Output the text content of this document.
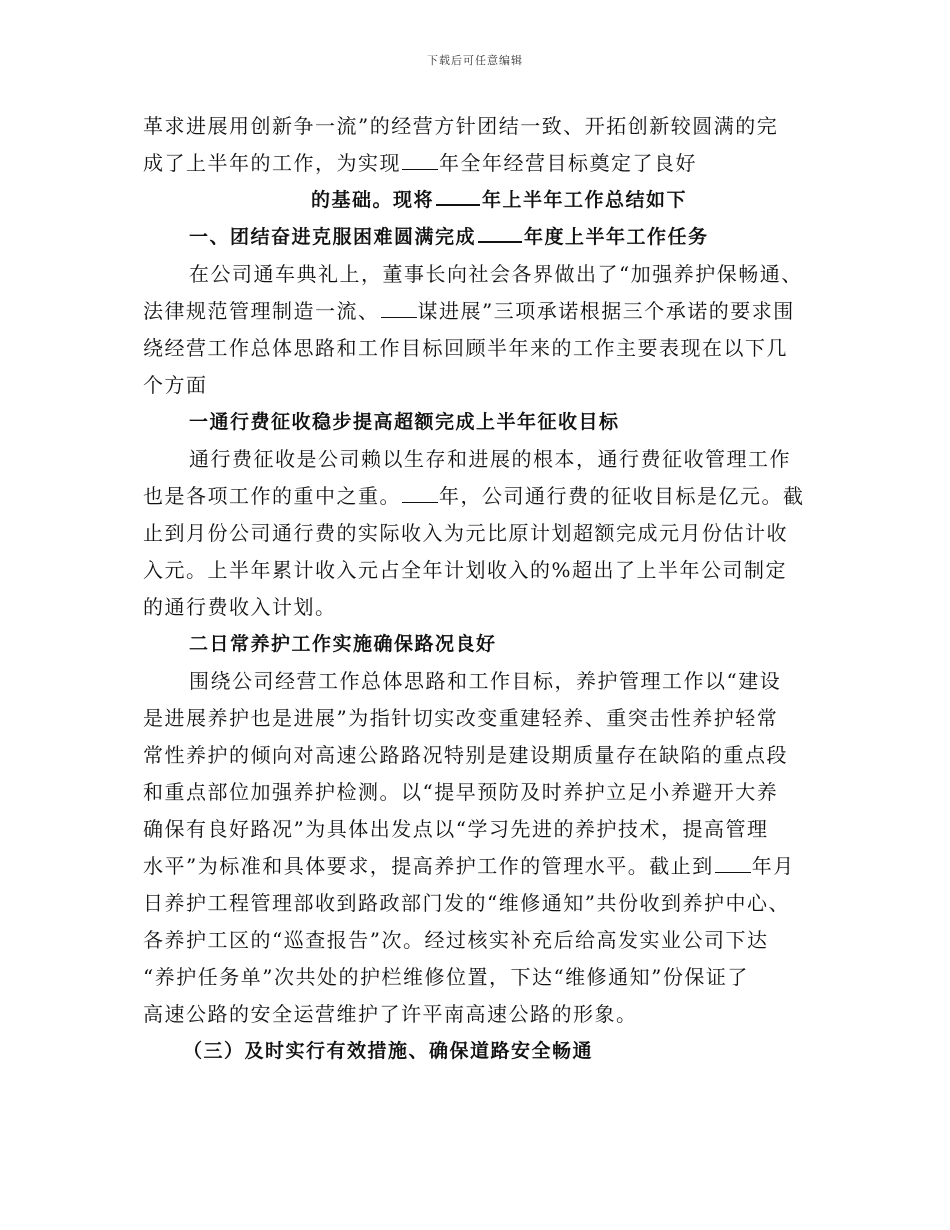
下载后可任意编辑
革求进展用创新争一流”的经营方针团结一致、开拓创新较圆满的完
成了上半年的工作，为实现 年全年经营目标奠定了良好
的基础。现将	年上半年工作总结如下
一、团结奋进克服困难圆满完成	年度上半年工作任务
在公司通车典礼上，董事长向社会各界做出了“加强养护保畅通、
法律规范管理制造一流、 谋进展”三项承诺根据三个承诺的要求围
绕经营工作总体思路和工作目标回顾半年来的工作主要表现在以下几
个方面
一通行费征收稳步提高超额完成上半年征收目标
通行费征收是公司赖以生存和进展的根本，通行费征收管理工作
也是各项工作的重中之重。 年，公司通行费的征收目标是亿元。截
止到月份公司通行费的实际收入为元比原计划超额完成元月份估计收
入元。上半年累计收入元占全年计划收入的%超出了上半年公司制定
的通行费收入计划。
二日常养护工作实施确保路况良好
围绕公司经营工作总体思路和工作目标，养护管理工作以“建设
是进展养护也是进展”为指针切实改变重建轻养、重突击性养护轻常
常性养护的倾向对高速公路路况特别是建设期质量存在缺陷的重点段
和重点部位加强养护检测。以“提早预防及时养护立足小养避开大养
确保有良好路况”为具体出发点以“学习先进的养护技术，提高管理
水平”为标准和具体要求，提高养护工作的管理水平。截止到 年月
日养护工程管理部收到路政部门发的“维修通知”共份收到养护中心、
各养护工区的“巡查报告”次。经过核实补充后给高发实业公司下达
“养护任务单”次共处的护栏维修位置，下达“维修通知”份保证了
高速公路的安全运营维护了许平南高速公路的形象。
（三）及时实行有效措施、确保道路安全畅通
